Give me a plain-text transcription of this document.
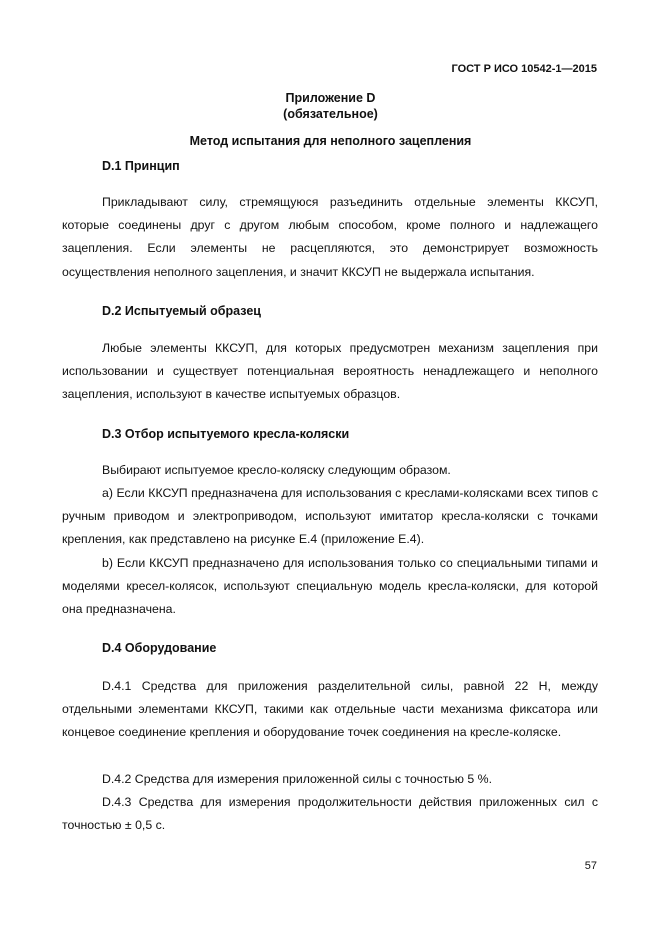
ГОСТ Р ИСО 10542-1—2015
Приложение D
(обязательное)
Метод испытания для неполного зацепления
D.1 Принцип
Прикладывают силу, стремящуюся разъединить отдельные элементы ККСУП, которые соединены друг с другом любым способом, кроме полного и надлежащего зацепления. Если элементы не расцепляются, это демонстрирует возможность осуществления неполного зацепления, и значит ККСУП не выдержала испытания.
D.2 Испытуемый образец
Любые элементы ККСУП, для которых предусмотрен механизм зацепления при использовании и существует потенциальная вероятность ненадлежащего и неполного зацепления, используют в качестве испытуемых образцов.
D.3 Отбор испытуемого кресла-коляски
Выбирают испытуемое кресло-коляску следующим образом.
a) Если ККСУП предназначена для использования с креслами-колясками всех типов с ручным приводом и электроприводом, используют имитатор кресла-коляски с точками крепления, как представлено на рисунке Е.4 (приложение Е.4).
b) Если ККСУП предназначено для использования только со специальными типами и моделями кресел-колясок, используют специальную модель кресла-коляски, для которой она предназначена.
D.4 Оборудование
D.4.1 Средства для приложения разделительной силы, равной 22 Н, между отдельными элементами ККСУП, такими как отдельные части механизма фиксатора или концевое соединение крепления и оборудование точек соединения на кресле-коляске.
D.4.2 Средства для измерения приложенной силы с точностью 5 %.
D.4.3 Средства для измерения продолжительности действия приложенных сил с точностью ± 0,5 с.
57
